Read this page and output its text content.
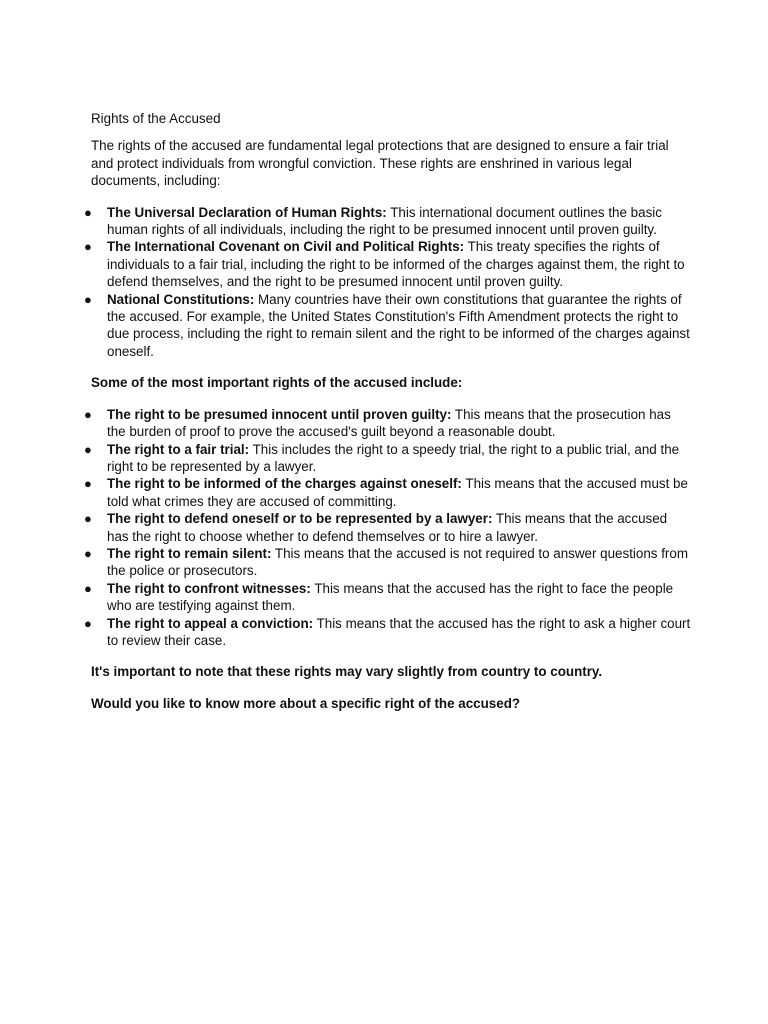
Rights of the Accused

The rights of the accused are fundamental legal protections that are designed to ensure a fair trial and protect individuals from wrongful conviction. These rights are enshrined in various legal documents, including:

● The Universal Declaration of Human Rights: This international document outlines the basic human rights of all individuals, including the right to be presumed innocent until proven guilty.
● The International Covenant on Civil and Political Rights: This treaty specifies the rights of individuals to a fair trial, including the right to be informed of the charges against them, the right to defend themselves, and the right to be presumed innocent until proven guilty.
● National Constitutions: Many countries have their own constitutions that guarantee the rights of the accused. For example, the United States Constitution's Fifth Amendment protects the right to due process, including the right to remain silent and the right to be informed of the charges against oneself.

Some of the most important rights of the accused include:

● The right to be presumed innocent until proven guilty: This means that the prosecution has the burden of proof to prove the accused's guilt beyond a reasonable doubt.
● The right to a fair trial: This includes the right to a speedy trial, the right to a public trial, and the right to be represented by a lawyer.
● The right to be informed of the charges against oneself: This means that the accused must be told what crimes they are accused of committing.
● The right to defend oneself or to be represented by a lawyer: This means that the accused has the right to choose whether to defend themselves or to hire a lawyer.
● The right to remain silent: This means that the accused is not required to answer questions from the police or prosecutors.
● The right to confront witnesses: This means that the accused has the right to face the people who are testifying against them.
● The right to appeal a conviction: This means that the accused has the right to ask a higher court to review their case.

It's important to note that these rights may vary slightly from country to country.

Would you like to know more about a specific right of the accused?
